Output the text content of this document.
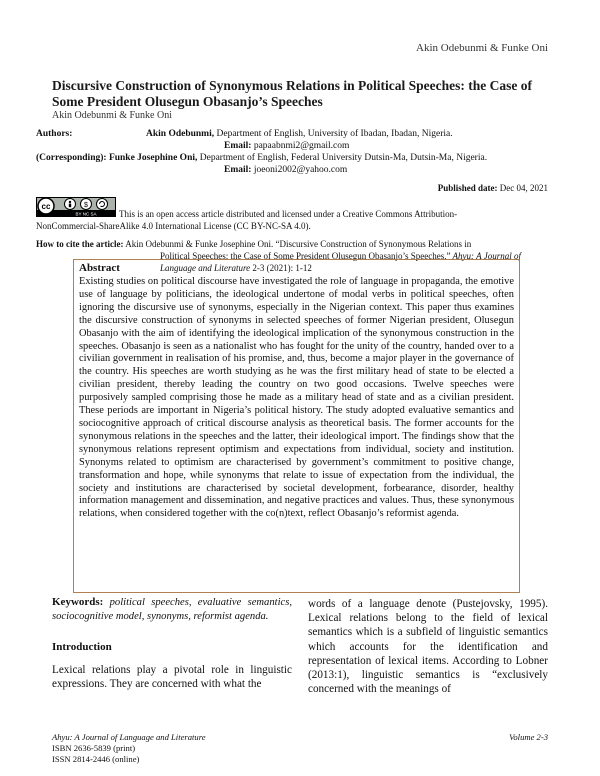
Akin Odebunmi & Funke Oni
Discursive Construction of Synonymous Relations in Political Speeches: the Case of Some President Olusegun Obasanjo’s Speeches
Akin Odebunmi & Funke Oni
Authors:	Akin Odebunmi, Department of English, University of Ibadan, Ibadan, Nigeria.
Email: papaabnmi2@gmail.com
(Corresponding): Funke Josephine Oni, Department of English, Federal University Dutsin-Ma, Dutsin-Ma, Nigeria.
Email: joeoni2002@yahoo.com
Published date: Dec 04, 2021
cc	$
BY NC SA	This is an open access article distributed and licensed under a Creative Commons Attribution-
NonCommercial-ShareAlike 4.0 International License (CC BY-NC-SA 4.0).
How to cite the article: Akin Odebunmi & Funke Josephine Oni. “Discursive Construction of Synonymous Relations in
Political Speeches: the Case of Some President Olusegun Obasanjo’s Speeches.” Ahyu: A Journal of
Language and Literature 2-3 (2021): 1-12
Abstract

Existing studies on political discourse have investigated the role of language in propaganda, the emotive use of language by politicians, the ideological undertone of modal verbs in political speeches, often ignoring the discursive use of synonyms, especially in the Nigerian context. This paper thus examines the discursive construction of synonyms in selected speeches of former Nigerian president, Olusegun Obasanjo with the aim of identifying the ideological implication of the synonymous construction in the speeches. Obasanjo is seen as a nationalist who has fought for the unity of the country, handed over to a civilian government in realisation of his promise, and, thus, become a major player in the governance of the country. His speeches are worth studying as he was the first military head of state to be elected a civilian president, thereby leading the country on two good occasions. Twelve speeches were purposively sampled comprising those he made as a military head of state and as a civilian president. These periods are important in Nigeria’s political history. The study adopted evaluative semantics and sociocognitive approach of critical discourse analysis as theoretical basis. The former accounts for the synonymous relations in the speeches and the latter, their ideological import. The findings show that the synonymous relations represent optimism and expectations from individual, society and institution. Synonyms related to optimism are characterised by government’s commitment to positive change, transformation and hope, while synonyms that relate to issue of expectation from the individual, the society and institutions are characterised by societal development, forbearance, disorder, healthy information management and dissemination, and negative practices and values. Thus, these synonymous relations, when considered together with the co(n)text, reflect Obasanjo’s reformist agenda.

Keywords: political speeches, evaluative semantics, sociocognitive model, synonyms, reformist agenda.
Introduction

Lexical relations play a pivotal role in linguistic expressions. They are concerned with what the

words of a language denote (Pustejovsky, 1995). Lexical relations belong to the field of lexical semantics which is a subfield of linguistic semantics which accounts for the identification and representation of lexical items. According to Lobner (2013:1), linguistic semantics is “exclusively concerned with the meanings of

Ahyu: A Journal of Language and Literature	Volume 2-3
ISBN 2636-5839 (print)
ISSN 2814-2446 (online)
